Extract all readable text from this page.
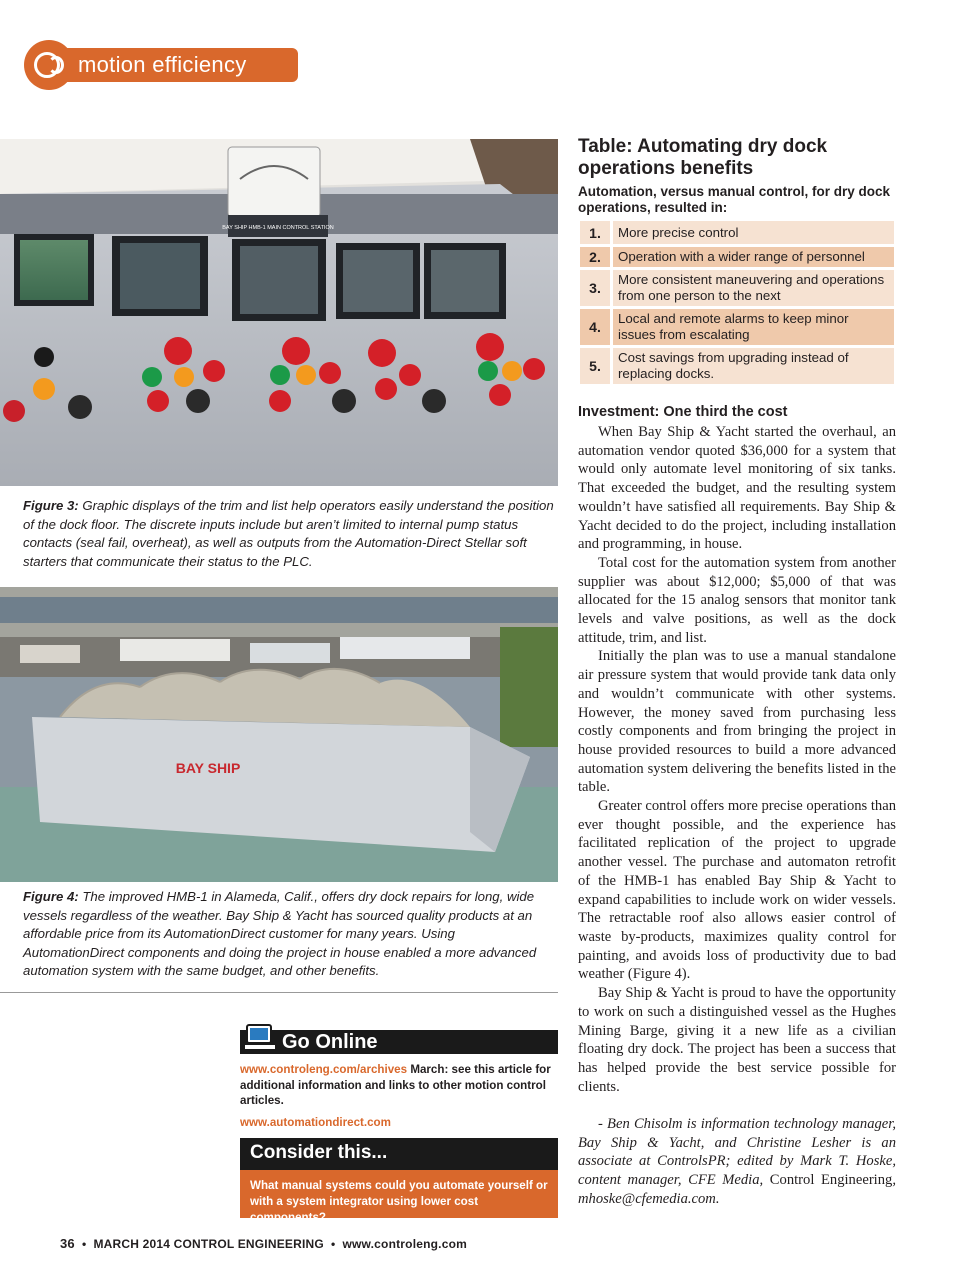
motion efficiency
BAY SHIP HMB-1 MAIN CONTROL STATION
Figure 3: Graphic displays of the trim and list help operators easily understand the position of the dock floor. The discrete inputs include but aren’t limited to internal pump status contacts (seal fail, overheat), as well as outputs from the Automation-Direct Stellar soft starters that communicate their status to the PLC.
BAY SHIP
Figure 4: The improved HMB-1 in Alameda, Calif., offers dry dock repairs for long, wide vessels regardless of the weather. Bay Ship & Yacht has sourced quality products at an affordable price from its AutomationDirect customer for many years. Using AutomationDirect components and doing the project in house enabled a more advanced automation system with the same budget, and other benefits.
Table: Automating dry dock operations benefits
Automation, versus manual control, for dry dock operations, resulted in:
1.	More precise control
2.	Operation with a wider range of personnel
3.
More consistent maneuvering and operations from one person to the next
4.
Local and remote alarms to keep minor issues from escalating
5.
Cost savings from upgrading instead of replacing docks.
Investment: One third the cost

When Bay Ship & Yacht started the overhaul, an automation vendor quoted $36,000 for a system that would only automate level monitoring of six tanks. That exceeded the budget, and the resulting system wouldn’t have satisfied all requirements. Bay Ship & Yacht decided to do the project, including installation and programming, in house.

Total cost for the automation system from another supplier was about $12,000; $5,000 of that was allocated for the 15 analog sensors that monitor tank levels and valve positions, as well as the dock attitude, trim, and list.

Initially the plan was to use a manual standalone air pressure system that would provide tank data only and wouldn’t communicate with other systems. However, the money saved from purchasing less costly components and from bringing the project in house provided resources to build a more advanced automation system delivering the benefits listed in the table.

Greater control offers more precise operations than ever thought possible, and the experience has facilitated replication of the project to upgrade another vessel. The purchase and automaton retrofit of the HMB-1 has enabled Bay Ship & Yacht to expand capabilities to include work on wider vessels. The retractable roof also allows easier control of waste by-products, maximizes quality control for painting, and avoids loss of productivity due to bad weather (Figure 4).

Bay Ship & Yacht is proud to have the opportunity to work on such a distinguished vessel as the Hughes Mining Barge, giving it a new life as a civilian floating dry dock. The project has been a success that has helped provide the best service possible for clients.

- Ben Chisolm is information technology manager, Bay Ship & Yacht, and Christine Lesher is an associate at ControlsPR; edited by Mark T. Hoske, content manager, CFE Media, Control Engineering, mhoske@cfemedia.com.

Go Online
www.controleng.com/archives March: see this article for additional information and links to other motion control articles.
www.automationdirect.com
Consider this...
What manual systems could you automate yourself or with a system integrator using lower cost components?
36 • MARCH 2014 CONTROL ENGINEERING • www.controleng.com
